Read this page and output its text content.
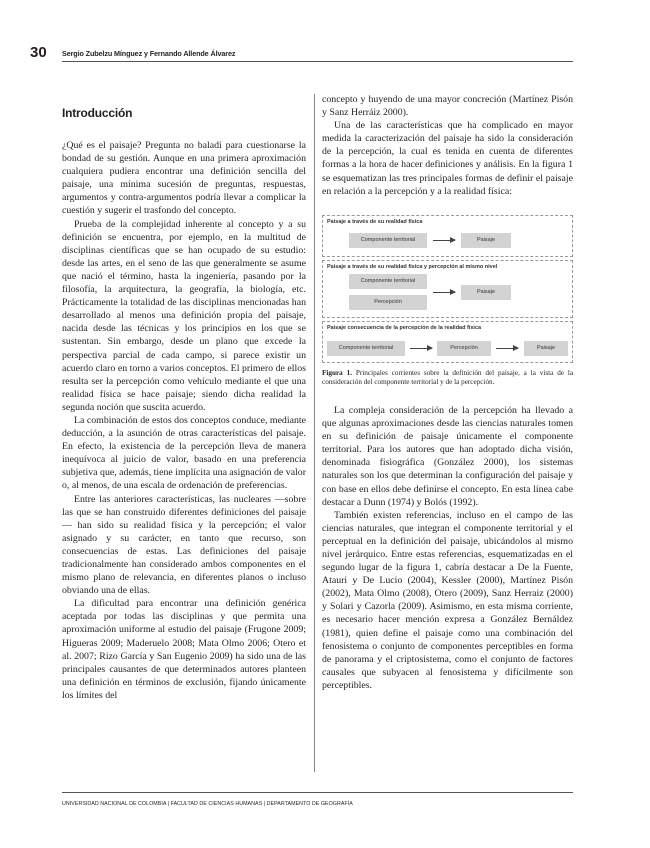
30 Sergio Zubelzu Mínguez y Fernando Allende Álvarez
Introducción

¿Qué es el paisaje? Pregunta no baladí para cuestionarse la bondad de su gestión. Aunque en una primera aproximación cualquiera pudiera encontrar una definición sencilla del paisaje, una mínima sucesión de preguntas, respuestas, argumentos y contra-argumentos podría llevar a complicar la cuestión y sugerir el trasfondo del concepto.

Prueba de la complejidad inherente al concepto y a su definición se encuentra, por ejemplo, en la multitud de disciplinas científicas que se han ocupado de su estudio: desde las artes, en el seno de las que generalmente se asume que nació el término, hasta la ingeniería, pasando por la filosofía, la arquitectura, la geografía, la biología, etc. Prácticamente la totalidad de las disciplinas mencionadas han desarrollado al menos una definición propia del paisaje, nacida desde las técnicas y los principios en los que se sustentan. Sin embargo, desde un plano que excede la perspectiva parcial de cada campo, si parece existir un acuerdo claro en torno a varios conceptos. El primero de ellos resulta ser la percepción como vehículo mediante el que una realidad física se hace paisaje; siendo dicha realidad la segunda noción que suscita acuerdo.

La combinación de estos dos conceptos conduce, mediante deducción, a la asunción de otras características del paisaje. En efecto, la existencia de la percepción lleva de manera inequívoca al juicio de valor, basado en una preferencia subjetiva que, además, tiene implícita una asignación de valor o, al menos, de una escala de ordenación de preferencias.

Entre las anteriores características, las nucleares —sobre las que se han construido diferentes definiciones del paisaje— han sido su realidad física y la percepción; el valor asignado y su carácter, en tanto que recurso, son consecuencias de estas. Las definiciones del paisaje tradicionalmente han considerado ambos componentes en el mismo plano de relevancia, en diferentes planos o incluso obviando una de ellas.

La dificultad para encontrar una definición genérica aceptada por todas las disciplinas y que permita una aproximación uniforme al estudio del paisaje (Frugone 2009; Higueras 2009; Maderuelo 2008; Mata Olmo 2006; Otero et al. 2007; Rizo García y San Eugenio 2009) ha sido una de las principales causantes de que determinados autores planteen una definición en términos de exclusión, fijando únicamente los límites del

concepto y huyendo de una mayor concreción (Martínez Pisón y Sanz Herráiz 2000).

Una de las características que ha complicado en mayor medida la caracterización del paisaje ha sido la consideración de la percepción, la cual es tenida en cuenta de diferentes formas a la hora de hacer definiciones y análisis. En la figura 1 se esquematizan las tres principales formas de definir el paisaje en relación a la percepción y a la realidad física:

Paisaje a través de su realidad física
Componente territorial	Paisaje
Paisaje a través de su realidad física y percepción al mismo nivel
Componente territorial
Percepción
Paisaje
Paisaje consecuencia de la percepción de la realidad física
Componente territorial	Percepción	Paisaje
Figura 1. Principales corrientes sobre la definición del paisaje, a la vista de la consideración del componente territorial y de la percepción.

La compleja consideración de la percepción ha llevado a que algunas aproximaciones desde las ciencias naturales tomen en su definición de paisaje únicamente el componente territorial. Para los autores que han adoptado dicha visión, denominada fisiográfica (González 2000), los sistemas naturales son los que determinan la configuración del paisaje y con base en ellos debe definirse el concepto. En esta línea cabe destacar a Dunn (1974) y Bolós (1992).

También existen referencias, incluso en el campo de las ciencias naturales, que integran el componente territorial y el perceptual en la definición del paisaje, ubicándolos al mismo nivel jerárquico. Entre estas referencias, esquematizadas en el segundo lugar de la figura 1, cabría destacar a De la Fuente, Atauri y De Lucio (2004), Kessler (2000), Martínez Pisón (2002), Mata Olmo (2008), Otero (2009), Sanz Herraiz (2000) y Solari y Cazorla (2009). Asimismo, en esta misma corriente, es necesario hacer mención expresa a González Bernáldez (1981), quien define el paisaje como una combinación del fenosistema o conjunto de componentes perceptibles en forma de panorama y el criptosistema, como el conjunto de factores causales que subyacen al fenosistema y difícilmente son perceptibles.

UNIVERSIDAD NACIONAL DE COLOMBIA | FACULTAD DE CIENCIAS HUMANAS | DEPARTAMENTO DE GEOGRAFÍA
